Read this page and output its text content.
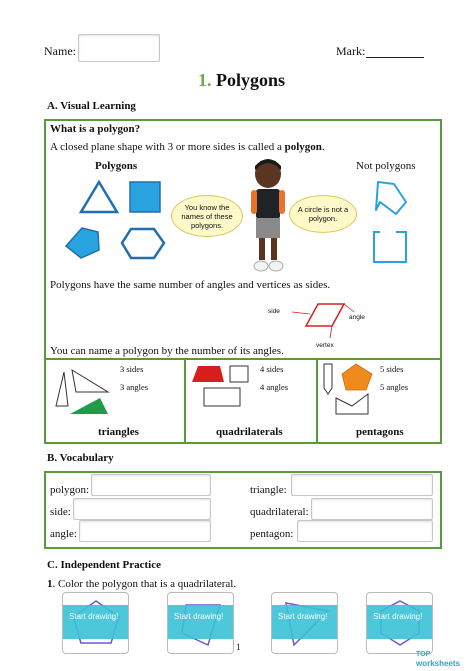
Name:	Mark:
1. Polygons
A. Visual Learning
What is a polygon?
A closed plane shape with 3 or more sides is called a polygon.
Polygons	Not polygons
You know the names of these polygons.
A circle is not a polygon.
Polygons have the same number of angles and vertices as sides.
side
angle
vertex
You can name a polygon by the number of its angles.
3 sides
3 angles
triangles
4 sides
4 angles
quadrilaterals
5 sides
5 angles
pentagons
B. Vocabulary
polygon:
side:
angle:
triangle:
quadrilateral:
pentagon:
C. Independent Practice
1. Color the polygon that is a quadrilateral.
Start drawing!	Start drawing!	Start drawing!	Start drawing!
1
TOP
worksheets
